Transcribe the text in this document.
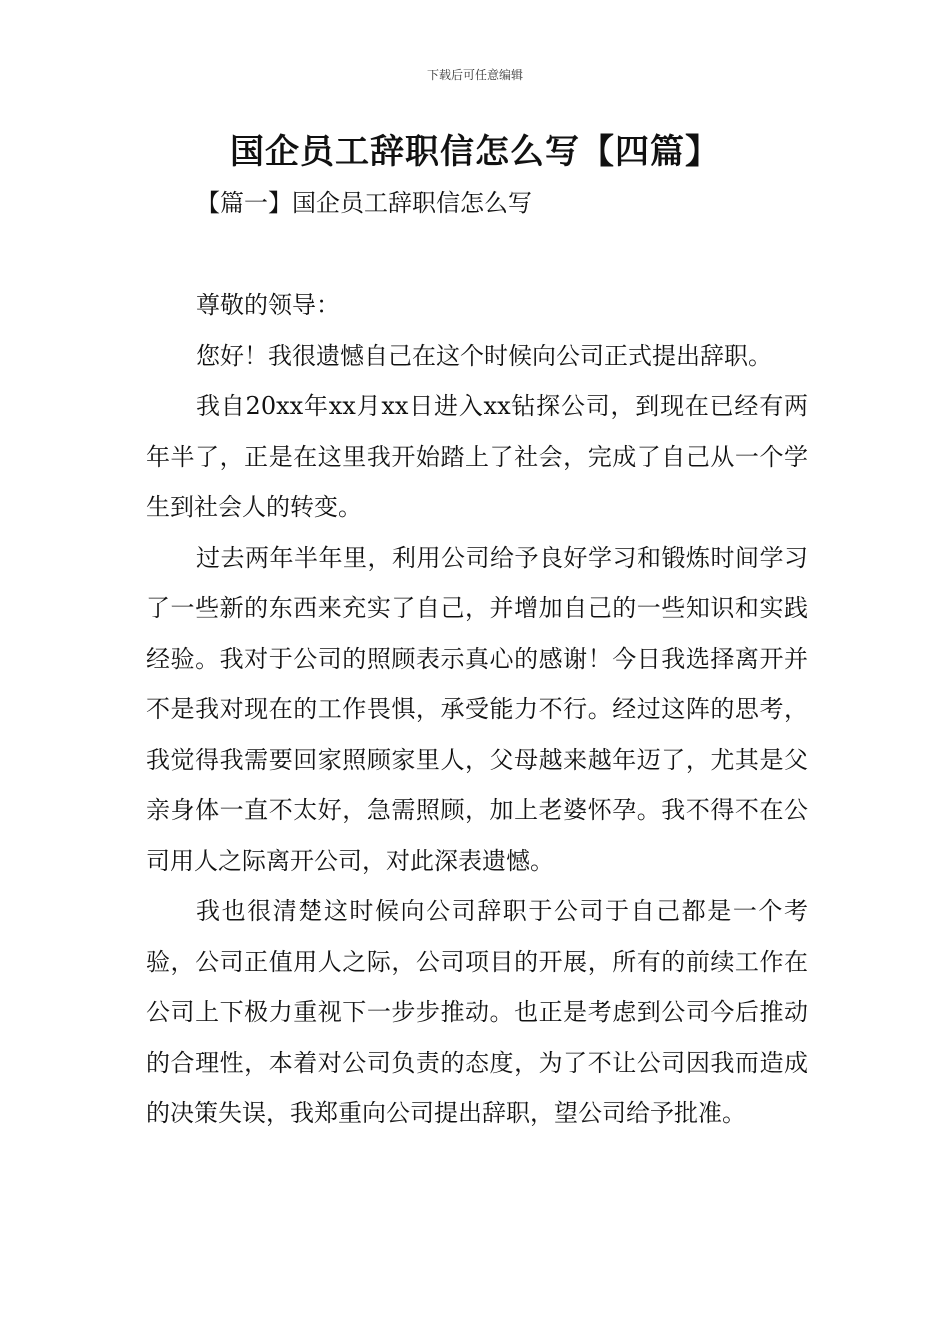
下载后可任意编辑
国企员工辞职信怎么写【四篇】
【篇一】国企员工辞职信怎么写

尊敬的领导：

您好！我很遗憾自己在这个时候向公司正式提出辞职。

我自20xx年xx月xx日进入xx钻探公司，到现在已经有两年半了，正是在这里我开始踏上了社会，完成了自己从一个学生到社会人的转变。

过去两年半年里，利用公司给予良好学习和锻炼时间学习了一些新的东西来充实了自己，并增加自己的一些知识和实践经验。我对于公司的照顾表示真心的感谢！今日我选择离开并不是我对现在的工作畏惧，承受能力不行。经过这阵的思考，我觉得我需要回家照顾家里人，父母越来越年迈了，尤其是父亲身体一直不太好，急需照顾，加上老婆怀孕。我不得不在公司用人之际离开公司，对此深表遗憾。

我也很清楚这时候向公司辞职于公司于自己都是一个考验，公司正值用人之际，公司项目的开展，所有的前续工作在公司上下极力重视下一步步推动。也正是考虑到公司今后推动的合理性，本着对公司负责的态度，为了不让公司因我而造成的决策失误，我郑重向公司提出辞职，望公司给予批准。
